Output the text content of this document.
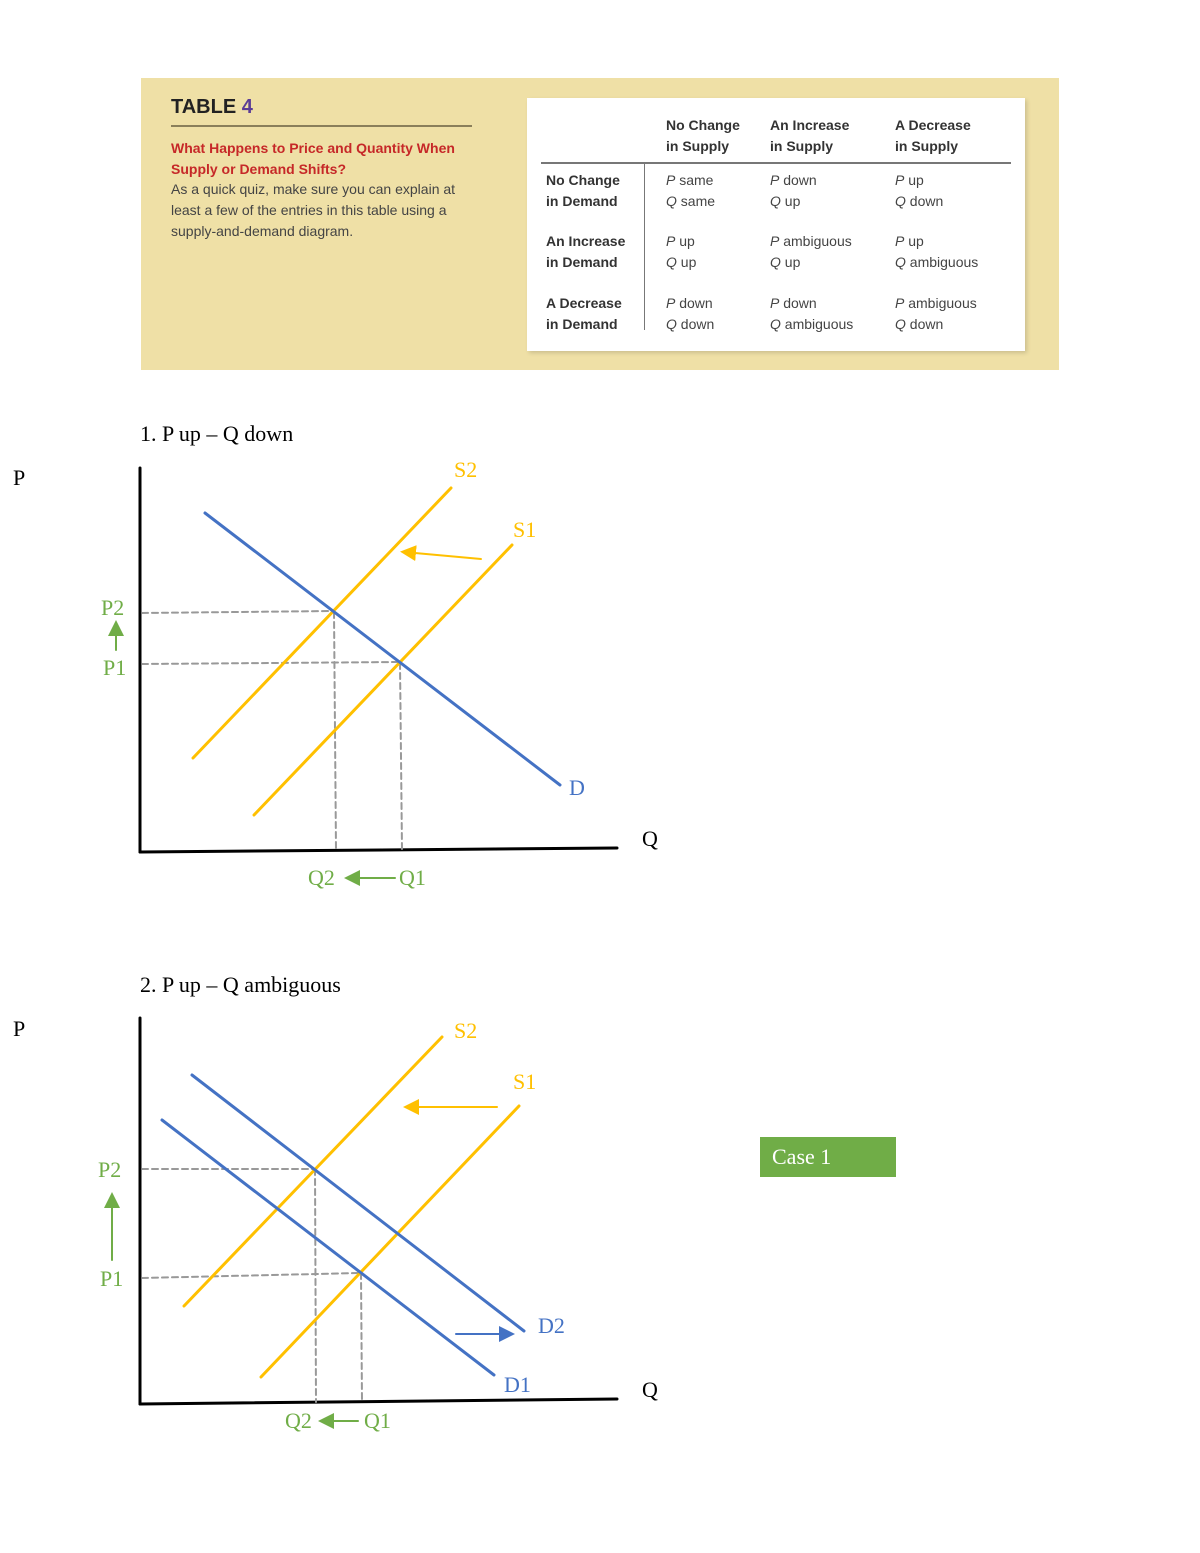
TABLE 4
What Happens to Price and Quantity When Supply or Demand Shifts?
As a quick quiz, make sure you can explain at least a few of the entries in this table using a supply-and-demand diagram.
No Change
in Supply
An Increase
in Supply
A Decrease
in Supply
No Change
in Demand
P same
Q same
P down
Q up
P up
Q down
An Increase
in Demand
P up
Q up
P ambiguous
Q up
P up
Q ambiguous
A Decrease
in Demand
P down
Q down
P down
Q ambiguous
P ambiguous
Q down
1. P up – Q down
P
Q
S2
S1
D
P2
P1
Q2	Q1
2. P up – Q ambiguous
P
Q
S2
S1
D2
D1
P2
P1
Q2 Q1
Case 1
